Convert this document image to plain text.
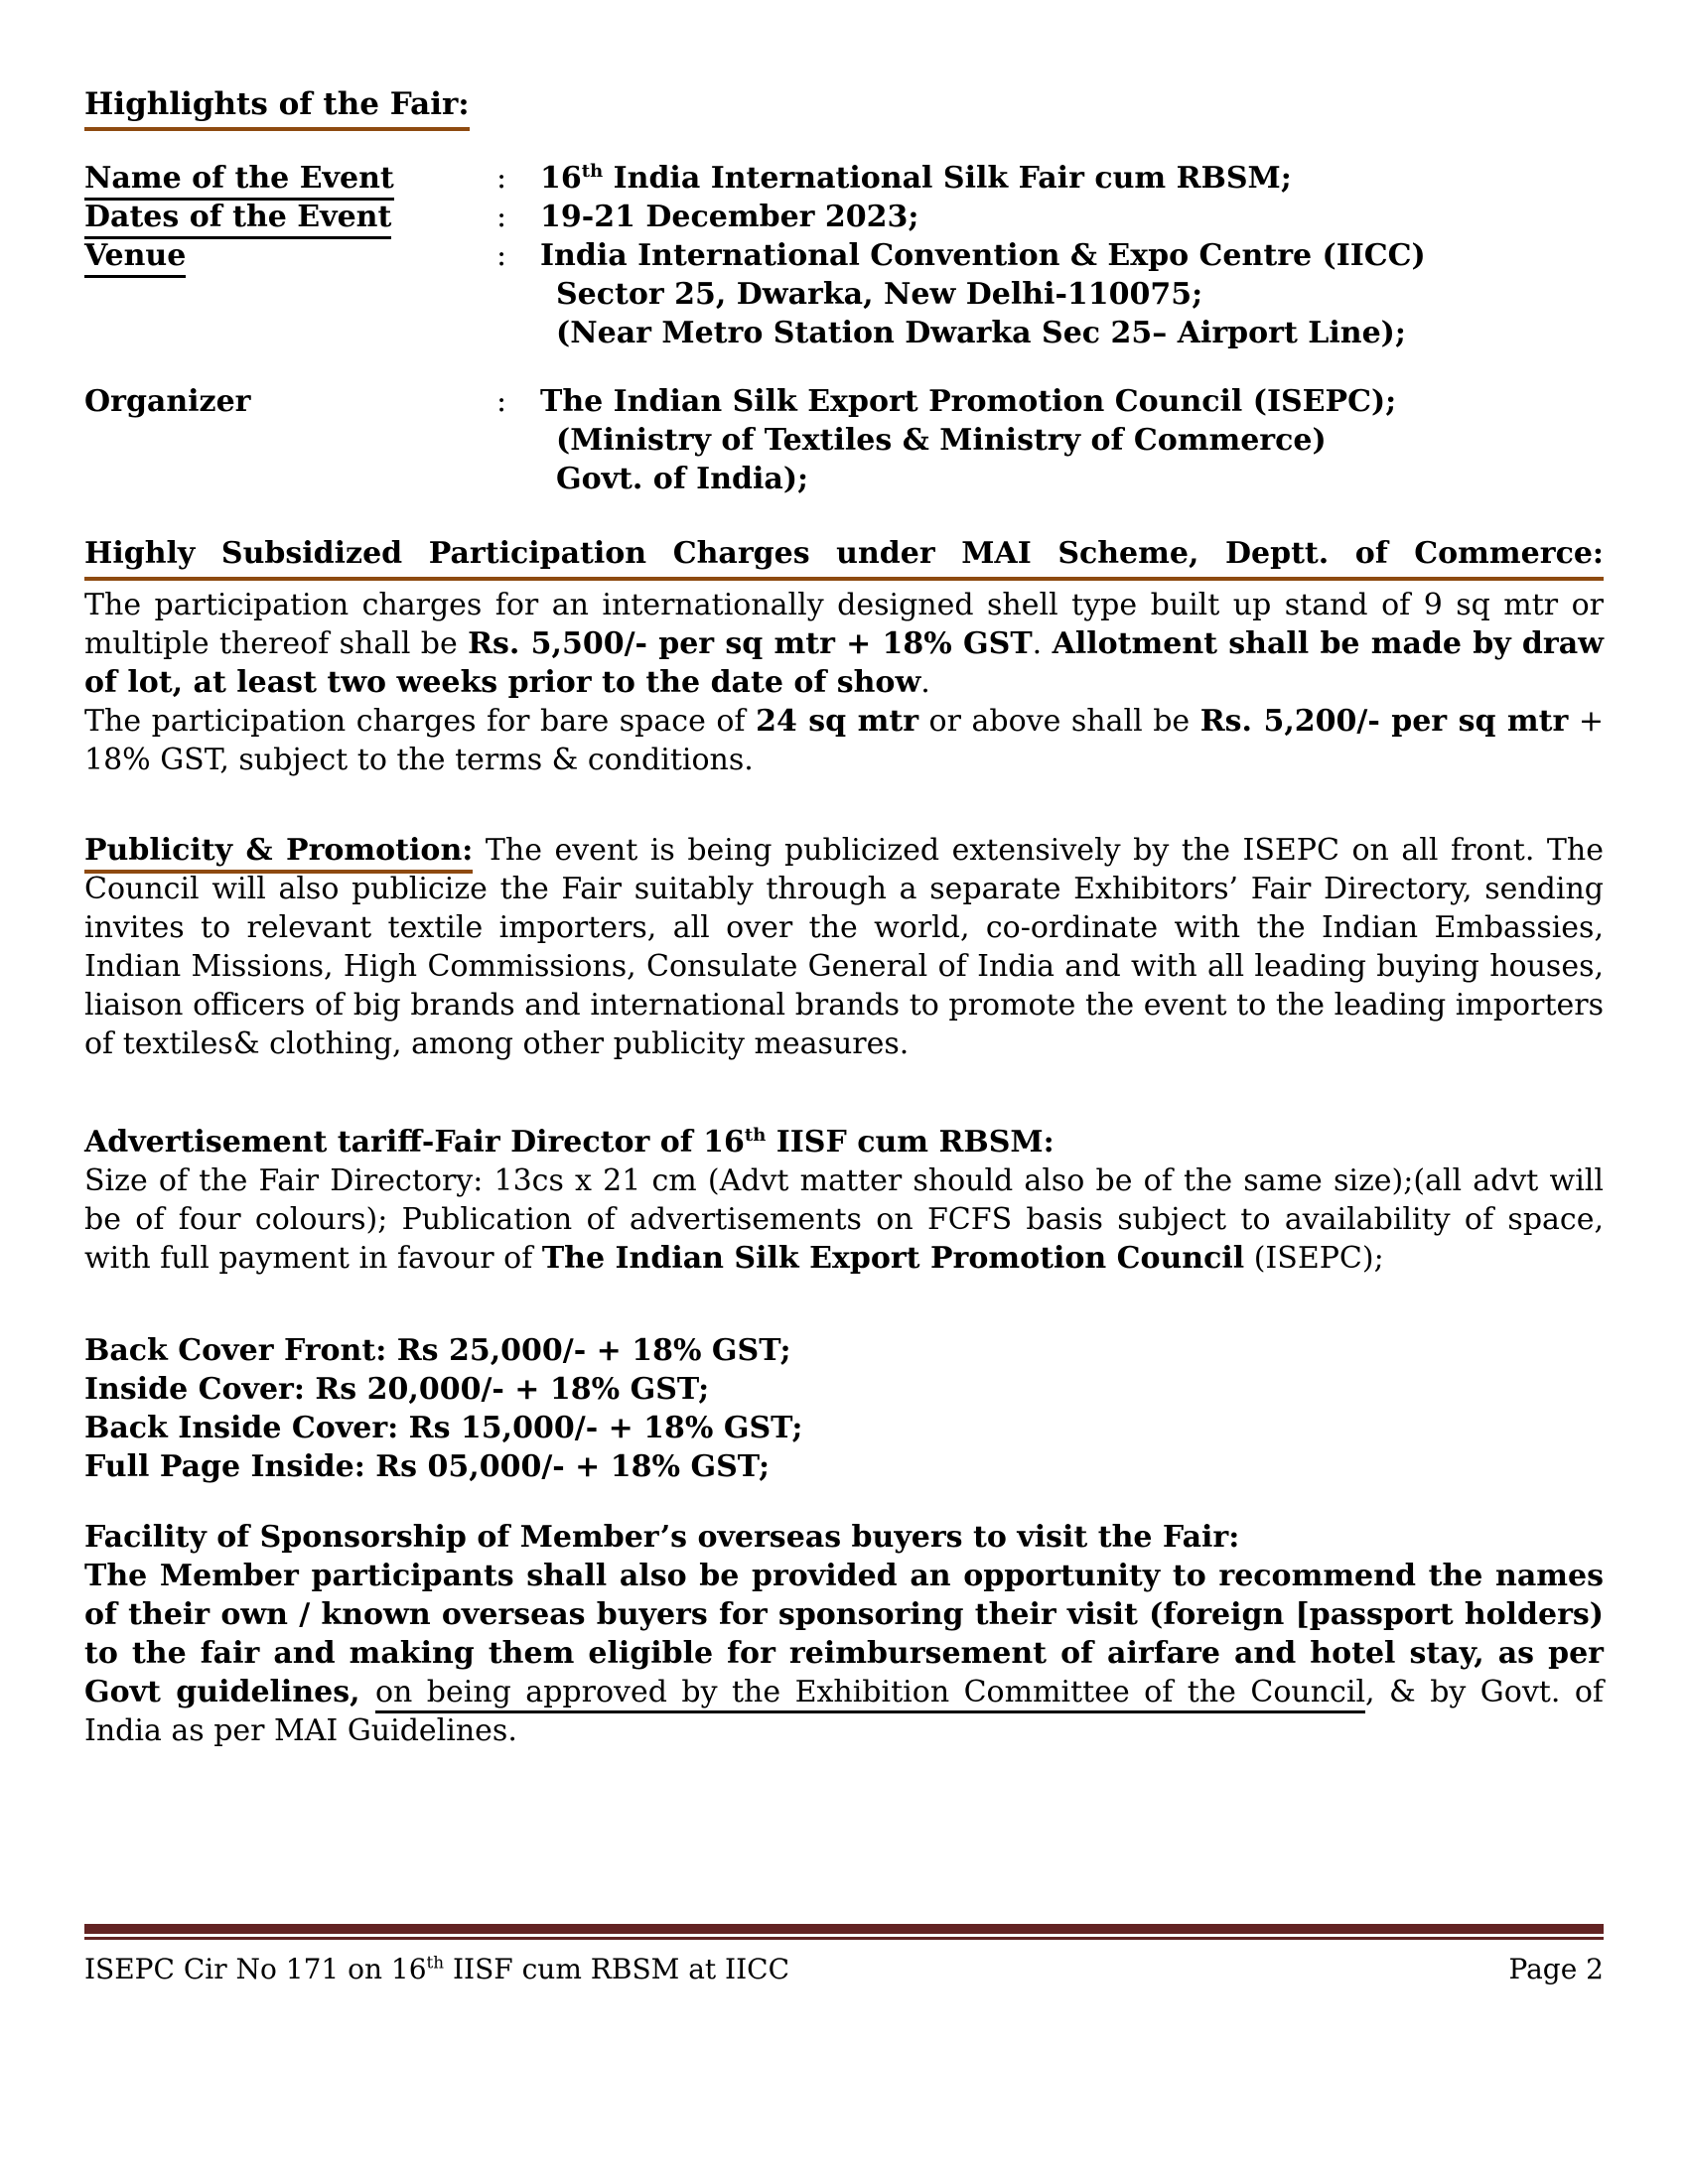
Highlights of the Fair:
Name of the Event	: 16th India International Silk Fair cum RBSM;
Dates of the Event	: 19-21 December 2023;
Venue	: India International Convention & Expo Centre (IICC)
Sector 25, Dwarka, New Delhi-110075;
(Near Metro Station Dwarka Sec 25– Airport Line);
Organizer	: The Indian Silk Export Promotion Council (ISEPC);
(Ministry of Textiles & Ministry of Commerce)
Govt. of India);
Highly Subsidized Participation Charges under MAI Scheme, Deptt. of Commerce:

The participation charges for an internationally designed shell type built up stand of 9 sq mtr or multiple thereof shall be Rs. 5,500/- per sq mtr + 18% GST. Allotment shall be made by draw of lot, at least two weeks prior to the date of show.

The participation charges for bare space of 24 sq mtr or above shall be Rs. 5,200/- per sq mtr + 18% GST, subject to the terms & conditions.

Publicity & Promotion: The event is being publicized extensively by the ISEPC on all front. The Council will also publicize the Fair suitably through a separate Exhibitors’ Fair Directory, sending invites to relevant textile importers, all over the world, co-ordinate with the Indian Embassies, Indian Missions, High Commissions, Consulate General of India and with all leading buying houses, liaison officers of big brands and international brands to promote the event to the leading importers of textiles& clothing, among other publicity measures.

Advertisement tariff-Fair Director of 16th IISF cum RBSM:

Size of the Fair Directory: 13cs x 21 cm (Advt matter should also be of the same size);(all advt will be of four colours); Publication of advertisements on FCFS basis subject to availability of space, with full payment in favour of The Indian Silk Export Promotion Council (ISEPC);

Back Cover Front: Rs 25,000/- + 18% GST;
Inside Cover: Rs 20,000/- + 18% GST;
Back Inside Cover: Rs 15,000/- + 18% GST;
Full Page Inside: Rs 05,000/- + 18% GST;
Facility of Sponsorship of Member’s overseas buyers to visit the Fair:

The Member participants shall also be provided an opportunity to recommend the names of their own / known overseas buyers for sponsoring their visit (foreign [passport holders) to the fair and making them eligible for reimbursement of airfare and hotel stay, as per Govt guidelines, on being approved by the Exhibition Committee of the Council, & by Govt. of India as per MAI Guidelines.

ISEPC Cir No 171 on 16th IISF cum RBSM at IICC	Page 2
